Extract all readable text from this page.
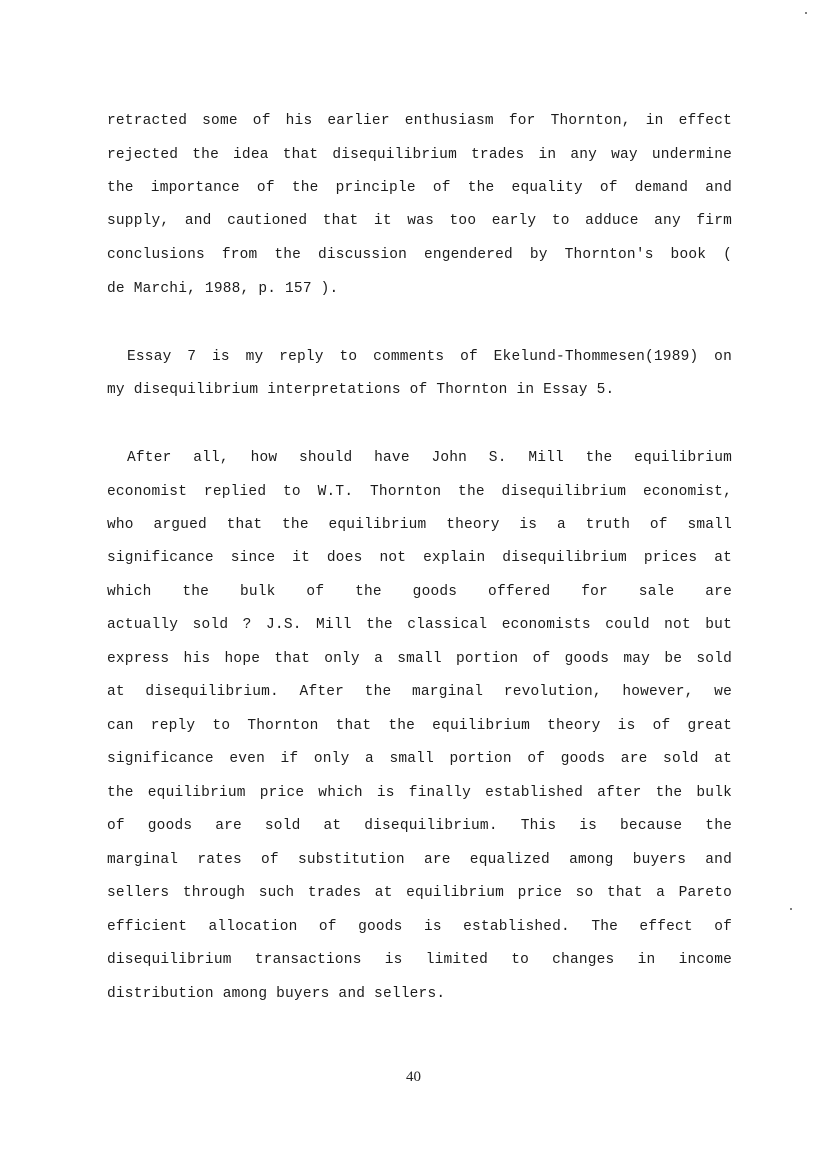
retracted some of his earlier enthusiasm for Thornton, in effect
rejected the idea that disequilibrium trades in any way undermine
the importance of the principle of the equality of demand and
supply, and cautioned that it was too early to adduce any firm
conclusions from the discussion engendered by Thornton's book (
de Marchi, 1988, p. 157 ).
Essay 7 is my reply to comments of Ekelund-Thommesen(1989) on
my disequilibrium interpretations of Thornton in Essay 5.
After all, how should have John S. Mill the equilibrium
economist replied to W.T. Thornton the disequilibrium economist,
who argued that the equilibrium theory is a truth of small
significance since it does not explain disequilibrium prices at
which the bulk of the goods offered for sale are
actually sold ? J.S. Mill the classical economists could not but
express his hope that only a small portion of goods may be sold
at disequilibrium. After the marginal revolution, however, we
can reply to Thornton that the equilibrium theory is of great
significance even if only a small portion of goods are sold at
the equilibrium price which is finally established after the bulk
of goods are sold at disequilibrium. This is because the
marginal rates of substitution are equalized among buyers and
sellers through such trades at equilibrium price so that a Pareto
efficient allocation of goods is established. The effect of
disequilibrium transactions is limited to changes in income
distribution among buyers and sellers.
40
